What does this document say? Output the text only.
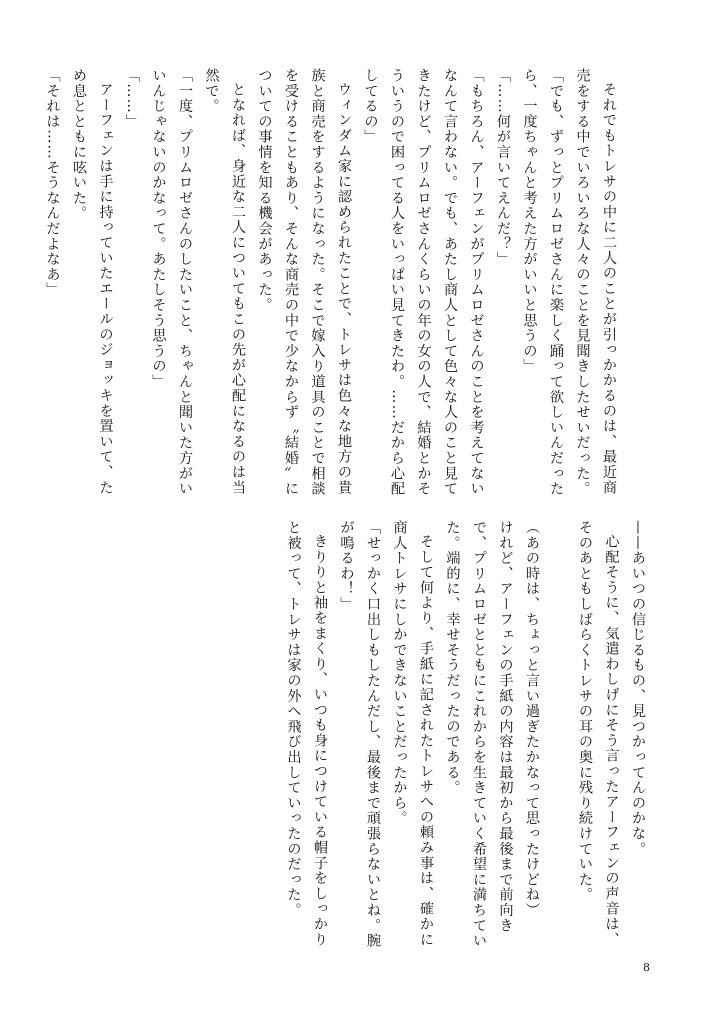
それでもトレサの中に二人のことが引っかかるのは、最近商

売をする中でいろいろな人々のことを見聞きしたせいだった。

「でも、ずっとプリムロゼさんに楽しく踊って欲しいんだった

ら、一度ちゃんと考えた方がいいと思うの」

「……何が言いてえんだ？」

「もちろん、アーフェンがプリムロゼさんのことを考えてない

なんて言わない。でも、あたし商人として色々な人のこと見て

きたけど、プリムロゼさんくらいの年の女の人で、結婚とかそ

ういうので困ってる人をいっぱい見てきたわ。……だから心配

してるの」

ウィンダム家に認められたことで、トレサは色々な地方の貴

族と商売をするようになった。そこで嫁入り道具のことで相談

を受けることもあり、そんな商売の中で少なからず〝結婚〟に

ついての事情を知る機会があった。

となれば、身近な二人についてもこの先が心配になるのは当

然で。

「一度、プリムロゼさんのしたいこと、ちゃんと聞いた方がい

いんじゃないのかなって。あたしそう思うの」

「……」

アーフェンは手に持っていたエールのジョッキを置いて、た

め息とともに呟いた。

「それは……そうなんだよなあ」

——あいつの信じるもの、見つかってんのかな。

心配そうに、気遣わしげにそう言ったアーフェンの声音は、

そのあともしばらくトレサの耳の奥に残り続けていた。

（あの時は、ちょっと言い過ぎたかなって思ったけどね）

けれど、アーフェンの手紙の内容は最初から最後まで前向き

で、プリムロゼとともにこれからを生きていく希望に満ちてい

た。端的に、幸せそうだったのである。

そして何より、手紙に記されたトレサへの頼み事は、確かに

商人トレサにしかできないことだったから。

「せっかく口出しもしたんだし、最後まで頑張らないとね。腕

が鳴るわ！」

きりりと袖をまくり、いつも身につけている帽子をしっかり

と被って、トレサは家の外へ飛び出していったのだった。

8
